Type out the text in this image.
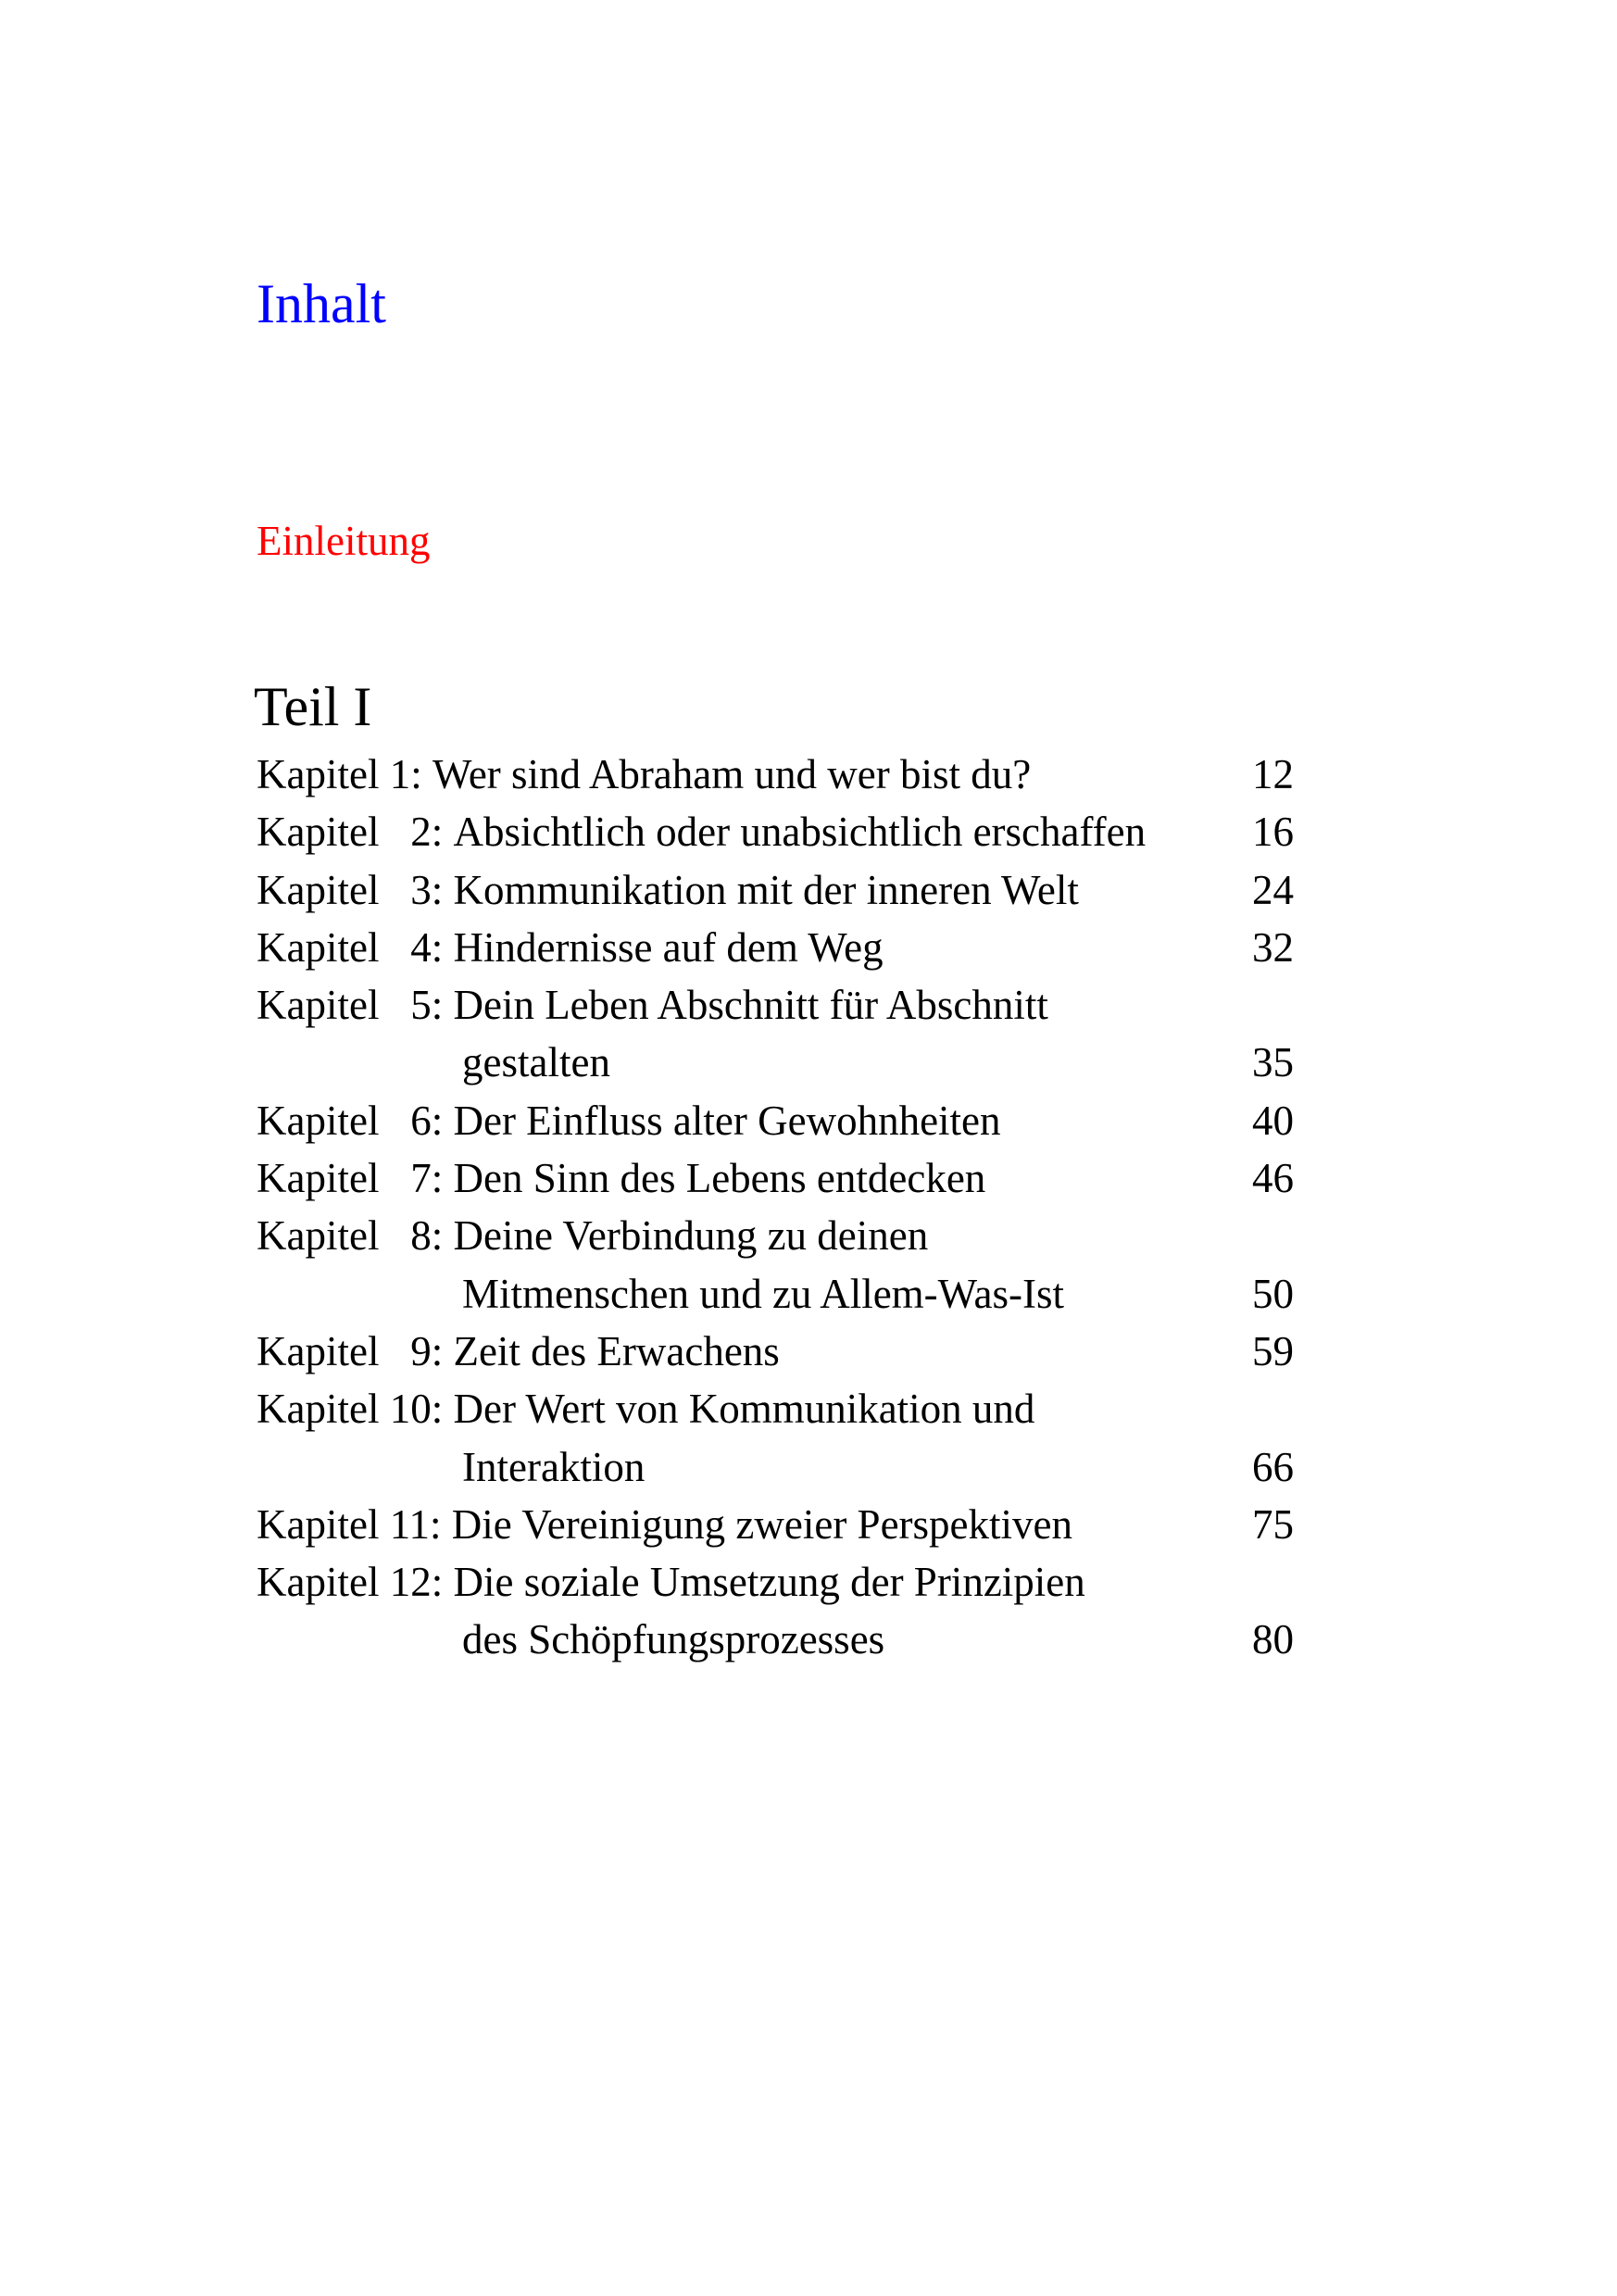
Inhalt
Einleitung
Teil I
Kapitel 1: Wer sind Abraham und wer bist du?	12
Kapitel   2: Absichtlich oder unabsichtlich erschaffen	16
Kapitel   3: Kommunikation mit der inneren Welt	24
Kapitel   4: Hindernisse auf dem Weg	32
Kapitel   5: Dein Leben Abschnitt für Abschnitt
gestalten	35
Kapitel   6: Der Einfluss alter Gewohnheiten	40
Kapitel   7: Den Sinn des Lebens entdecken	46
Kapitel   8: Deine Verbindung zu deinen
Mitmenschen und zu Allem-Was-Ist	50
Kapitel   9: Zeit des Erwachens	59
Kapitel 10: Der Wert von Kommunikation und
Interaktion	66
Kapitel 11: Die Vereinigung zweier Perspektiven	75
Kapitel 12: Die soziale Umsetzung der Prinzipien
des Schöpfungsprozesses	80
